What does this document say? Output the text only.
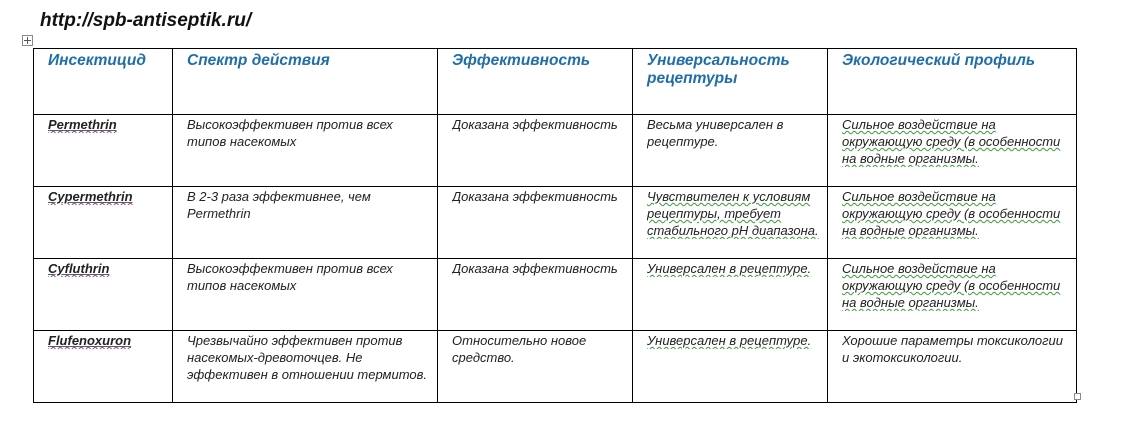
http://spb-antiseptik.ru/
Инсектицид	Спектр действия	Эффективность	Универсальность рецептуры	Экологический профиль

Permethrin	Высокоэффективен против всех типов насекомых	Доказана эффективность	Весьма универсален в рецептуре.	Сильное воздействие на окружающую среду (в особенности на водные организмы.

Cypermethrin	В 2-3 раза эффективнее, чем Permethrin	Доказана эффективность	Чувствителен к условиям рецептуры, требует стабильного pH диапазона.	Сильное воздействие на окружающую среду (в особенности на водные организмы.

Cyfluthrin	Высокоэффективен против всех типов насекомых	Доказана эффективность	Универсален в рецептуре.	Сильное воздействие на окружающую среду (в особенности на водные организмы.

Flufenoxuron	Чрезвычайно эффективен против насекомых-древоточцев. Не эффективен в отношении термитов.	Относительно новое средство.	Универсален в рецептуре.	Хорошие параметры токсикологии и экотоксикологии.
